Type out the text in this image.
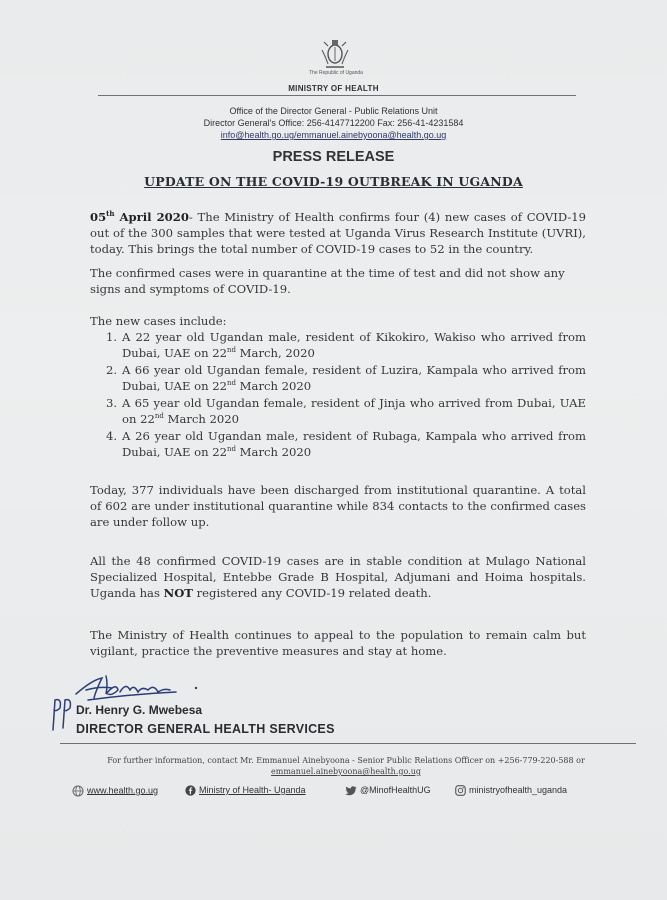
The Republic of Uganda
MINISTRY OF HEALTH
Office of the Director General - Public Relations Unit
Director General's Office: 256-4147712200 Fax: 256-41-4231584
info@health.go.ug/emmanuel.ainebyoona@health.go.ug
PRESS RELEASE
UPDATE ON THE COVID-19 OUTBREAK IN UGANDA
05th April 2020- The Ministry of Health confirms four (4) new cases of COVID-19 out of the 300 samples that were tested at Uganda Virus Research Institute (UVRI), today. This brings the total number of COVID-19 cases to 52 in the country.
The confirmed cases were in quarantine at the time of test and did not show any signs and symptoms of COVID-19.
The new cases include:
1. A 22 year old Ugandan male, resident of Kikokiro, Wakiso who arrived from Dubai, UAE on 22nd March, 2020
2. A 66 year old Ugandan female, resident of Luzira, Kampala who arrived from Dubai, UAE on 22nd March 2020
3. A 65 year old Ugandan female, resident of Jinja who arrived from Dubai, UAE on 22nd March 2020
4. A 26 year old Ugandan male, resident of Rubaga, Kampala who arrived from Dubai, UAE on 22nd March 2020
Today, 377 individuals have been discharged from institutional quarantine. A total of 602 are under institutional quarantine while 834 contacts to the confirmed cases are under follow up.
All the 48 confirmed COVID-19 cases are in stable condition at Mulago National Specialized Hospital, Entebbe Grade B Hospital, Adjumani and Hoima hospitals. Uganda has NOT registered any COVID-19 related death.
The Ministry of Health continues to appeal to the population to remain calm but vigilant, practice the preventive measures and stay at home.
Dr. Henry G. Mwebesa
DIRECTOR GENERAL HEALTH SERVICES
For further information, contact Mr. Emmanuel Ainebyoona - Senior Public Relations Officer on +256-779-220-588 or
emmanuel.ainebyoona@health.go.ug
www.health.go.ug	Ministry of Health- Uganda	@MinofHealthUG	ministryofhealth_uganda
